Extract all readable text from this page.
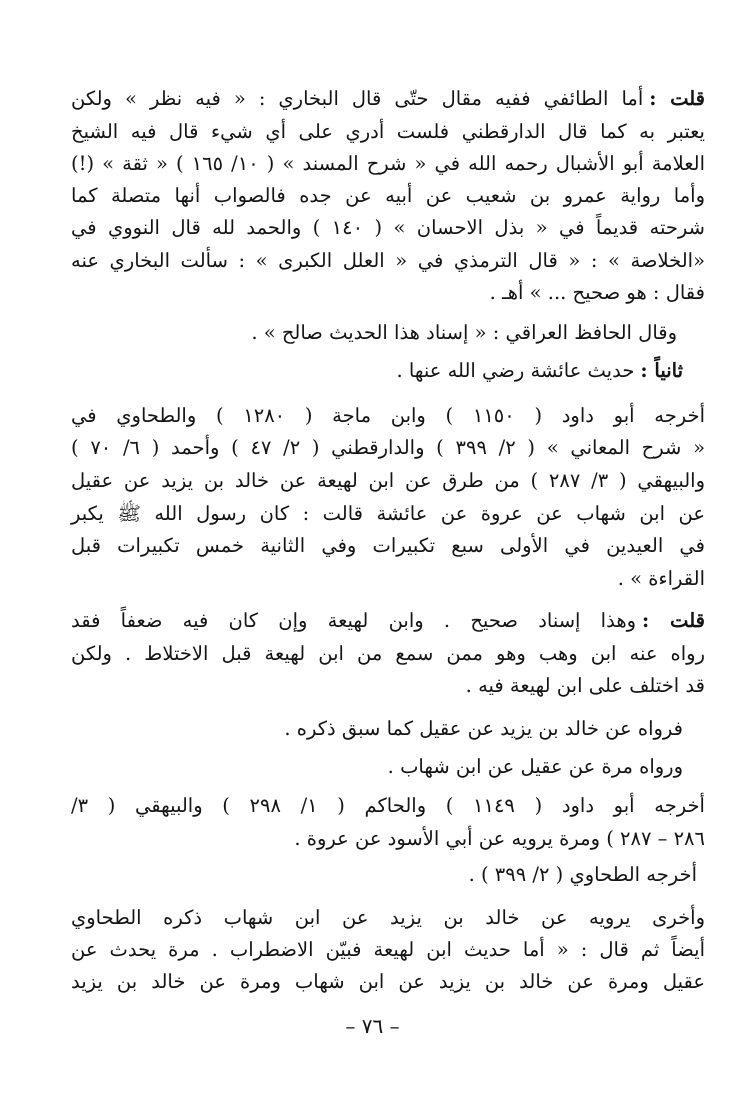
قلت :أما الطائفي ففيه مقال حتّى قال البخاري : « فيه نظر » ولكن
يعتبر به كما قال الدارقطني فلست أدري على أي شيء قال فيه الشيخ
العلامة أبو الأشبال رحمه الله في « شرح المسند » ( ١٠/ ١٦٥ ) « ثقة » (!)
وأما رواية عمرو بن شعيب عن أبيه عن جده فالصواب أنها متصلة كما
شرحته قديماً في « بذل الاحسان » ( ١٤٠ ) والحمد لله قال النووي في
«الخلاصة » : « قال الترمذي في « العلل الكبرى » : سألت البخاري عنه
فقال : هو صحيح ... » أهـ .
وقال الحافظ العراقي : « إسناد هذا الحديث صالح » .
ثانياً :حديث عائشة رضي الله عنها .
أخرجه أبو داود ( ١١٥٠ ) وابن ماجة ( ١٢٨٠ ) والطحاوي في
« شرح المعاني » ( ٢/ ٣٩٩ ) والدارقطني ( ٢/ ٤٧ ) وأحمد ( ٦/ ٧٠ )
والبيهقي ( ٣/ ٢٨٧ ) من طرق عن ابن لهيعة عن خالد بن يزيد عن عقيل
عن ابن شهاب عن عروة عن عائشة قالت : كان رسول الله ﷺ يكبر
في العيدين في الأولى سبع تكبيرات وفي الثانية خمس تكبيرات قبل
القراءة » .
قلت :وهذا إسناد صحيح . وابن لهيعة وإن كان فيه ضعفاً فقد
رواه عنه ابن وهب وهو ممن سمع من ابن لهيعة قبل الاختلاط . ولكن
قد اختلف على ابن لهيعة فيه .
فرواه عن خالد بن يزيد عن عقيل كما سبق ذكره .
ورواه مرة عن عقيل عن ابن شهاب .
أخرجه أبو داود ( ١١٤٩ ) والحاكم ( ١/ ٢٩٨ ) والبيهقي ( ٣/
٢٨٦ – ٢٨٧ ) ومرة يرويه عن أبي الأسود عن عروة .
أخرجه الطحاوي ( ٢/ ٣٩٩ ) .
وأخرى يرويه عن خالد بن يزيد عن ابن شهاب ذكره الطحاوي
أيضاً ثم قال : « أما حديث ابن لهيعة فبيّن الاضطراب . مرة يحدث عن
عقيل ومرة عن خالد بن يزيد عن ابن شهاب ومرة عن خالد بن يزيد
– ٧٦ –
